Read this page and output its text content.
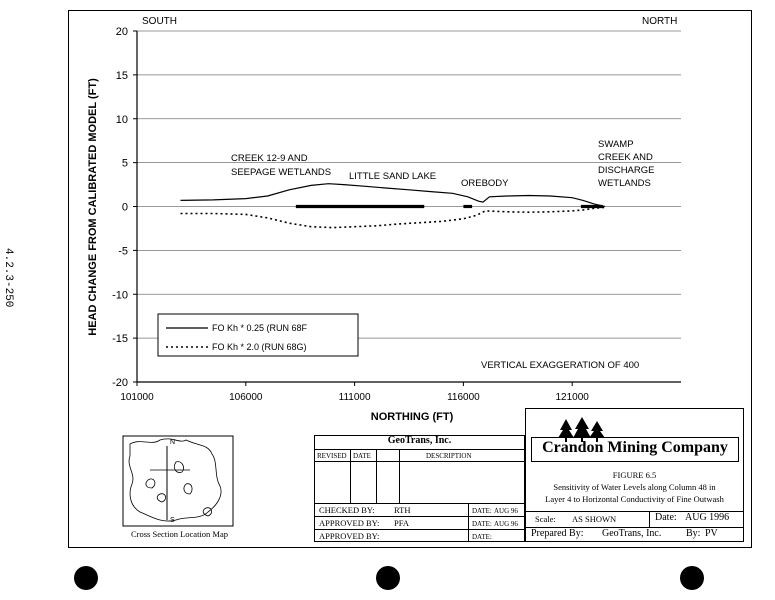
4.2.3-250
20
15
10
5
0
-5
-10
-15
-20
101000	106000	111000	116000	121000
SOUTH	NORTH
HEAD CHANGE FROM CALIBRATED MODEL (FT)
NORTHING (FT)
CREEK 12-9 AND
SEEPAGE WETLANDS LITTLE SAND LAKE
OREBODY
SWAMP
CREEK AND
DISCHARGE
WETLANDS
VERTICAL EXAGGERATION OF 400
FO Kh * 0.25 (RUN 68F
FO Kh * 2.0 (RUN 68G)
N
S
Cross Section Location Map
GeoTrans, Inc.
REVISED DATE	DESCRIPTION
CHECKED BY: RTH	DATE: AUG 96
APPROVED BY: PFA	DATE: AUG 96
APPROVED BY:	DATE:
Crandon Mining Company
FIGURE 6.5
Sensitivity of Water Levels along Column 48 in
Layer 4 to Horizontal Conductivity of Fine Outwash
Scale: AS SHOWN	Date: AUG 1996
Prepared By: GeoTrans, Inc. By: PV
